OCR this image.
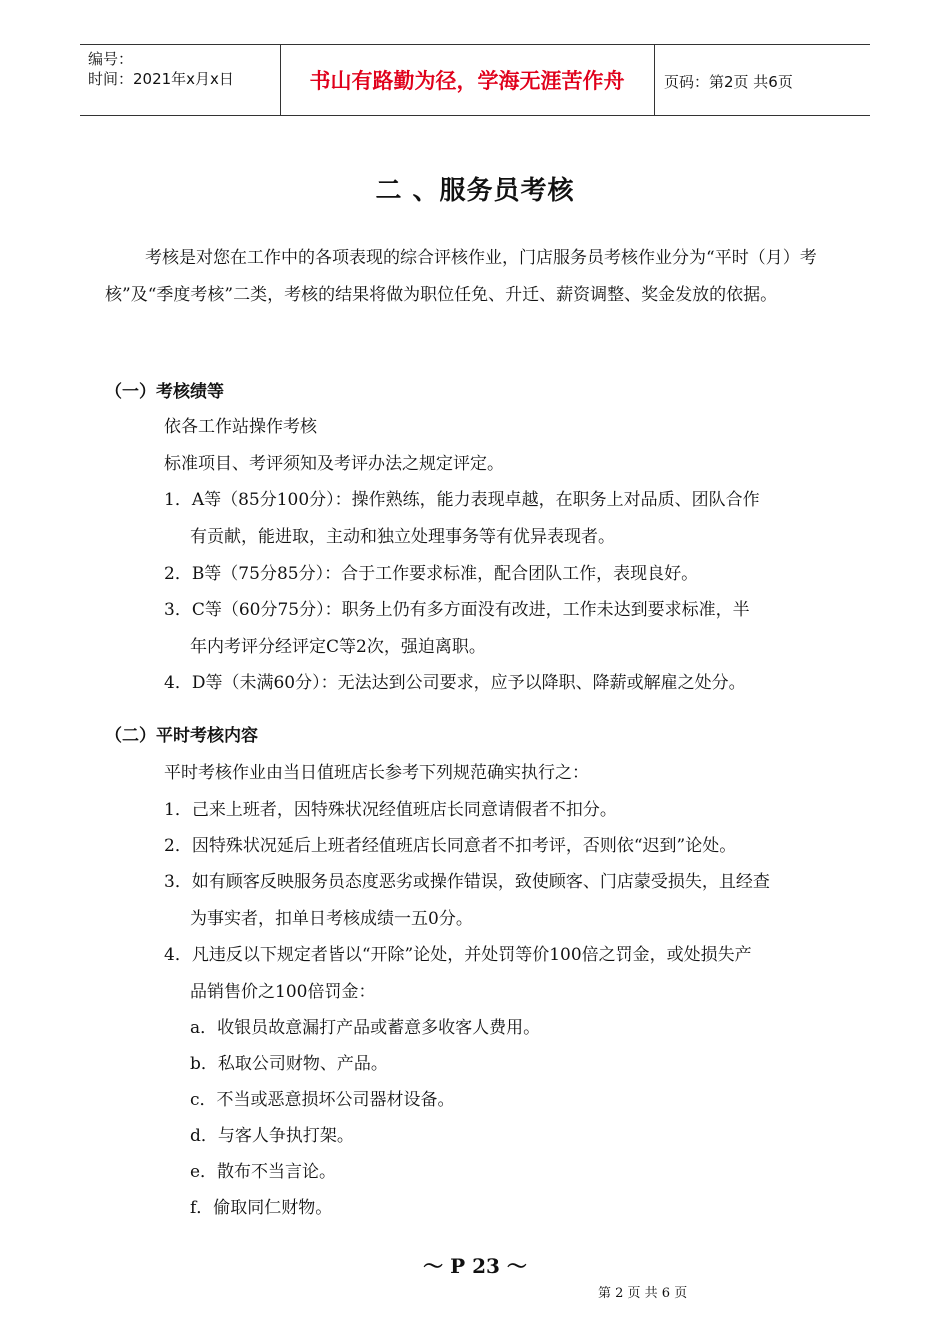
编号：
时间：2021年x月x日	书山有路勤为径，学海无涯苦作舟	页码：第2页 共6页
二 、服务员考核
考核是对您在工作中的各项表现的综合评核作业，门店服务员考核作业分为“平时（月）考核”及“季度考核”二类，考核的结果将做为职位任免、升迁、薪资调整、奖金发放的依据。
（一）考核绩等
依各工作站操作考核
标准项目、考评须知及考评办法之规定评定。
1．A等（85分100分）：操作熟练，能力表现卓越，在职务上对品质、团队合作
有贡献，能进取，主动和独立处理事务等有优异表现者。
2．B等（75分85分）：合于工作要求标准，配合团队工作，表现良好。
3．C等（60分75分）：职务上仍有多方面没有改进，工作未达到要求标准，半
年内考评分经评定C等2次，强迫离职。
4．D等（未满60分）：无法达到公司要求，应予以降职、降薪或解雇之处分。
（二）平时考核内容
平时考核作业由当日值班店长参考下列规范确实执行之：
1．己来上班者，因特殊状况经值班店长同意请假者不扣分。
2．因特殊状况延后上班者经值班店长同意者不扣考评，否则依“迟到”论处。
3．如有顾客反映服务员态度恶劣或操作错误，致使顾客、门店蒙受损失，且经查
为事实者，扣单日考核成绩一五0分。
4．凡违反以下规定者皆以“开除”论处，并处罚等价100倍之罚金，或处损失产
品销售价之100倍罚金：
a．收银员故意漏打产品或蓄意多收客人费用。
b．私取公司财物、产品。
c．不当或恶意损坏公司器材设备。
d．与客人争执打架。
e．散布不当言论。
f．偷取同仁财物。
～ P 23 ～
第 2 页 共 6 页
